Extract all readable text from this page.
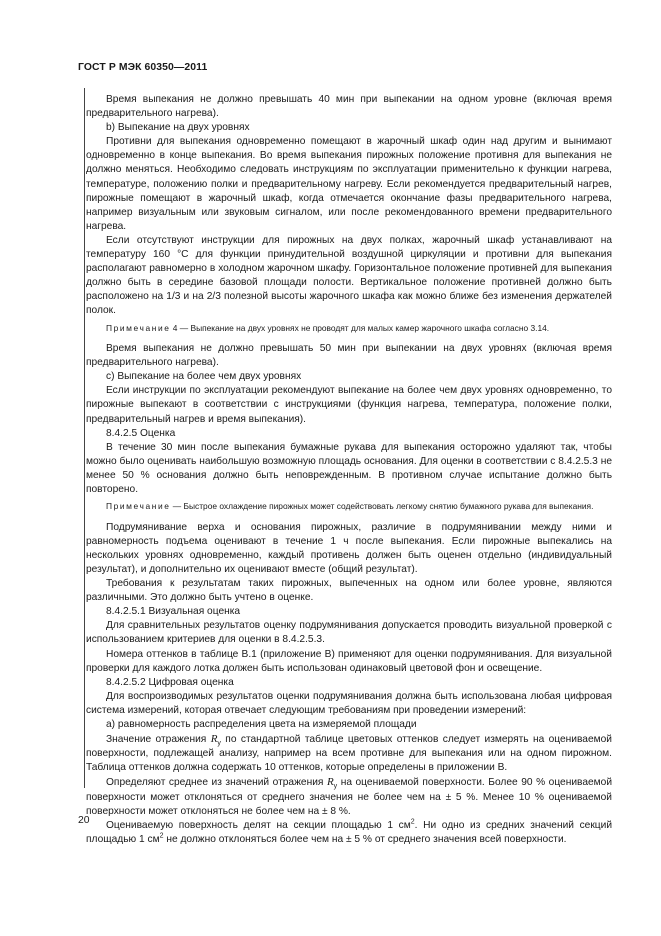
ГОСТ Р МЭК 60350—2011

Время выпекания не должно превышать 40 мин при выпекании на одном уровне (включая время предварительного нагрева).

b) Выпекание на двух уровнях

Противни для выпекания одновременно помещают в жарочный шкаф один над другим и вынимают одновременно в конце выпекания. Во время выпекания пирожных положение противня для выпекания не должно меняться. Необходимо следовать инструкциям по эксплуатации применительно к функции нагрева, температуре, положению полки и предварительному нагреву. Если рекомендуется предварительный нагрев, пирожные помещают в жарочный шкаф, когда отмечается окончание фазы предварительного нагрева, например визуальным или звуковым сигналом, или после рекомендованного времени предварительного нагрева.

Если отсутствуют инструкции для пирожных на двух полках, жарочный шкаф устанавливают на температуру 160 °С для функции принудительной воздушной циркуляции и противни для выпекания располагают равномерно в холодном жарочном шкафу. Горизонтальное положение противней для выпекания должно быть в середине базовой площади полости. Вертикальное положение противней должно быть расположено на 1/3 и на 2/3 полезной высоты жарочного шкафа как можно ближе без изменения держателей полок.

Примечание 4 — Выпекание на двух уровнях не проводят для малых камер жарочного шкафа согласно 3.14.

Время выпекания не должно превышать 50 мин при выпекании на двух уровнях (включая время предварительного нагрева).

с) Выпекание на более чем двух уровнях

Если инструкции по эксплуатации рекомендуют выпекание на более чем двух уровнях одновременно, то пирожные выпекают в соответствии с инструкциями (функция нагрева, температура, положение полки, предварительный нагрев и время выпекания).

8.4.2.5 Оценка

В течение 30 мин после выпекания бумажные рукава для выпекания осторожно удаляют так, чтобы можно было оценивать наибольшую возможную площадь основания. Для оценки в соответствии с 8.4.2.5.3 не менее 50 % основания должно быть неповрежденным. В противном случае испытание должно быть повторено.

Примечание — Быстрое охлаждение пирожных может содействовать легкому снятию бумажного рукава для выпекания.

Подрумянивание верха и основания пирожных, различие в подрумянивании между ними и равномерность подъема оценивают в течение 1 ч после выпекания. Если пирожные выпекались на нескольких уровнях одновременно, каждый противень должен быть оценен отдельно (индивидуальный результат), и дополнительно их оценивают вместе (общий результат).

Требования к результатам таких пирожных, выпеченных на одном или более уровне, являются различными. Это должно быть учтено в оценке.

8.4.2.5.1 Визуальная оценка

Для сравнительных результатов оценку подрумянивания допускается проводить визуальной проверкой с использованием критериев для оценки в 8.4.2.5.3.

Номера оттенков в таблице В.1 (приложение В) применяют для оценки подрумянивания. Для визуальной проверки для каждого лотка должен быть использован одинаковый цветовой фон и освещение.

8.4.2.5.2 Цифровая оценка

Для воспроизводимых результатов оценки подрумянивания должна быть использована любая цифровая система измерений, которая отвечает следующим требованиям при проведении измерений:

а) равномерность распределения цвета на измеряемой площади

Значение отражения $R_y$ по стандартной таблице цветовых оттенков следует измерять на оцениваемой поверхности, подлежащей анализу, например на всем противне для выпекания или на одном пирожном. Таблица оттенков должна содержать 10 оттенков, которые определены в приложении В.

Определяют среднее из значений отражения $R_y$ на оцениваемой поверхности. Более 90 % оцениваемой поверхности может отклоняться от среднего значения не более чем на ± 5 %. Менее 10 % оцениваемой поверхности может отклоняться не более чем на ± 8 %.

Оцениваемую поверхность делят на секции площадью 1 $см^2$. Ни одно из средних значений секций площадью 1 $см^2$ не должно отклоняться более чем на ± 5 % от среднего значения всей поверхности.

20
